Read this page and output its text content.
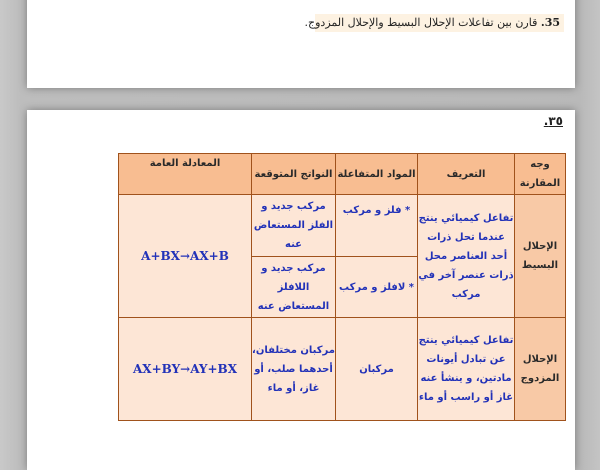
35. قارن بين تفاعلات الإحلال البسيط والإحلال المزدوج.
٣٥.
وجه المقارنة	التعريف	المواد المتفاعلة	النواتج المتوقعة	المعادلة العامة
الإحلال البسيط	تفاعل كيميائي ينتج عندما تحل ذرات أحد العناصر محل ذرات عنصر آخر في مركب	* فلز و مركب	مركب جديد و الفلز المستعاض عنه	A+BX→AX+B
		* لافلز و مركب	مركب جديد و اللافلز المستعاض عنه	
الإحلال المزدوج	تفاعل كيميائي ينتج عن تبادل أيونات مادتين، و ينشأ عنه غاز أو راسب أو ماء	مركبان	مركبان مختلفان، أحدهما صلب، أو غاز، أو ماء	AX+BY→AY+BX
